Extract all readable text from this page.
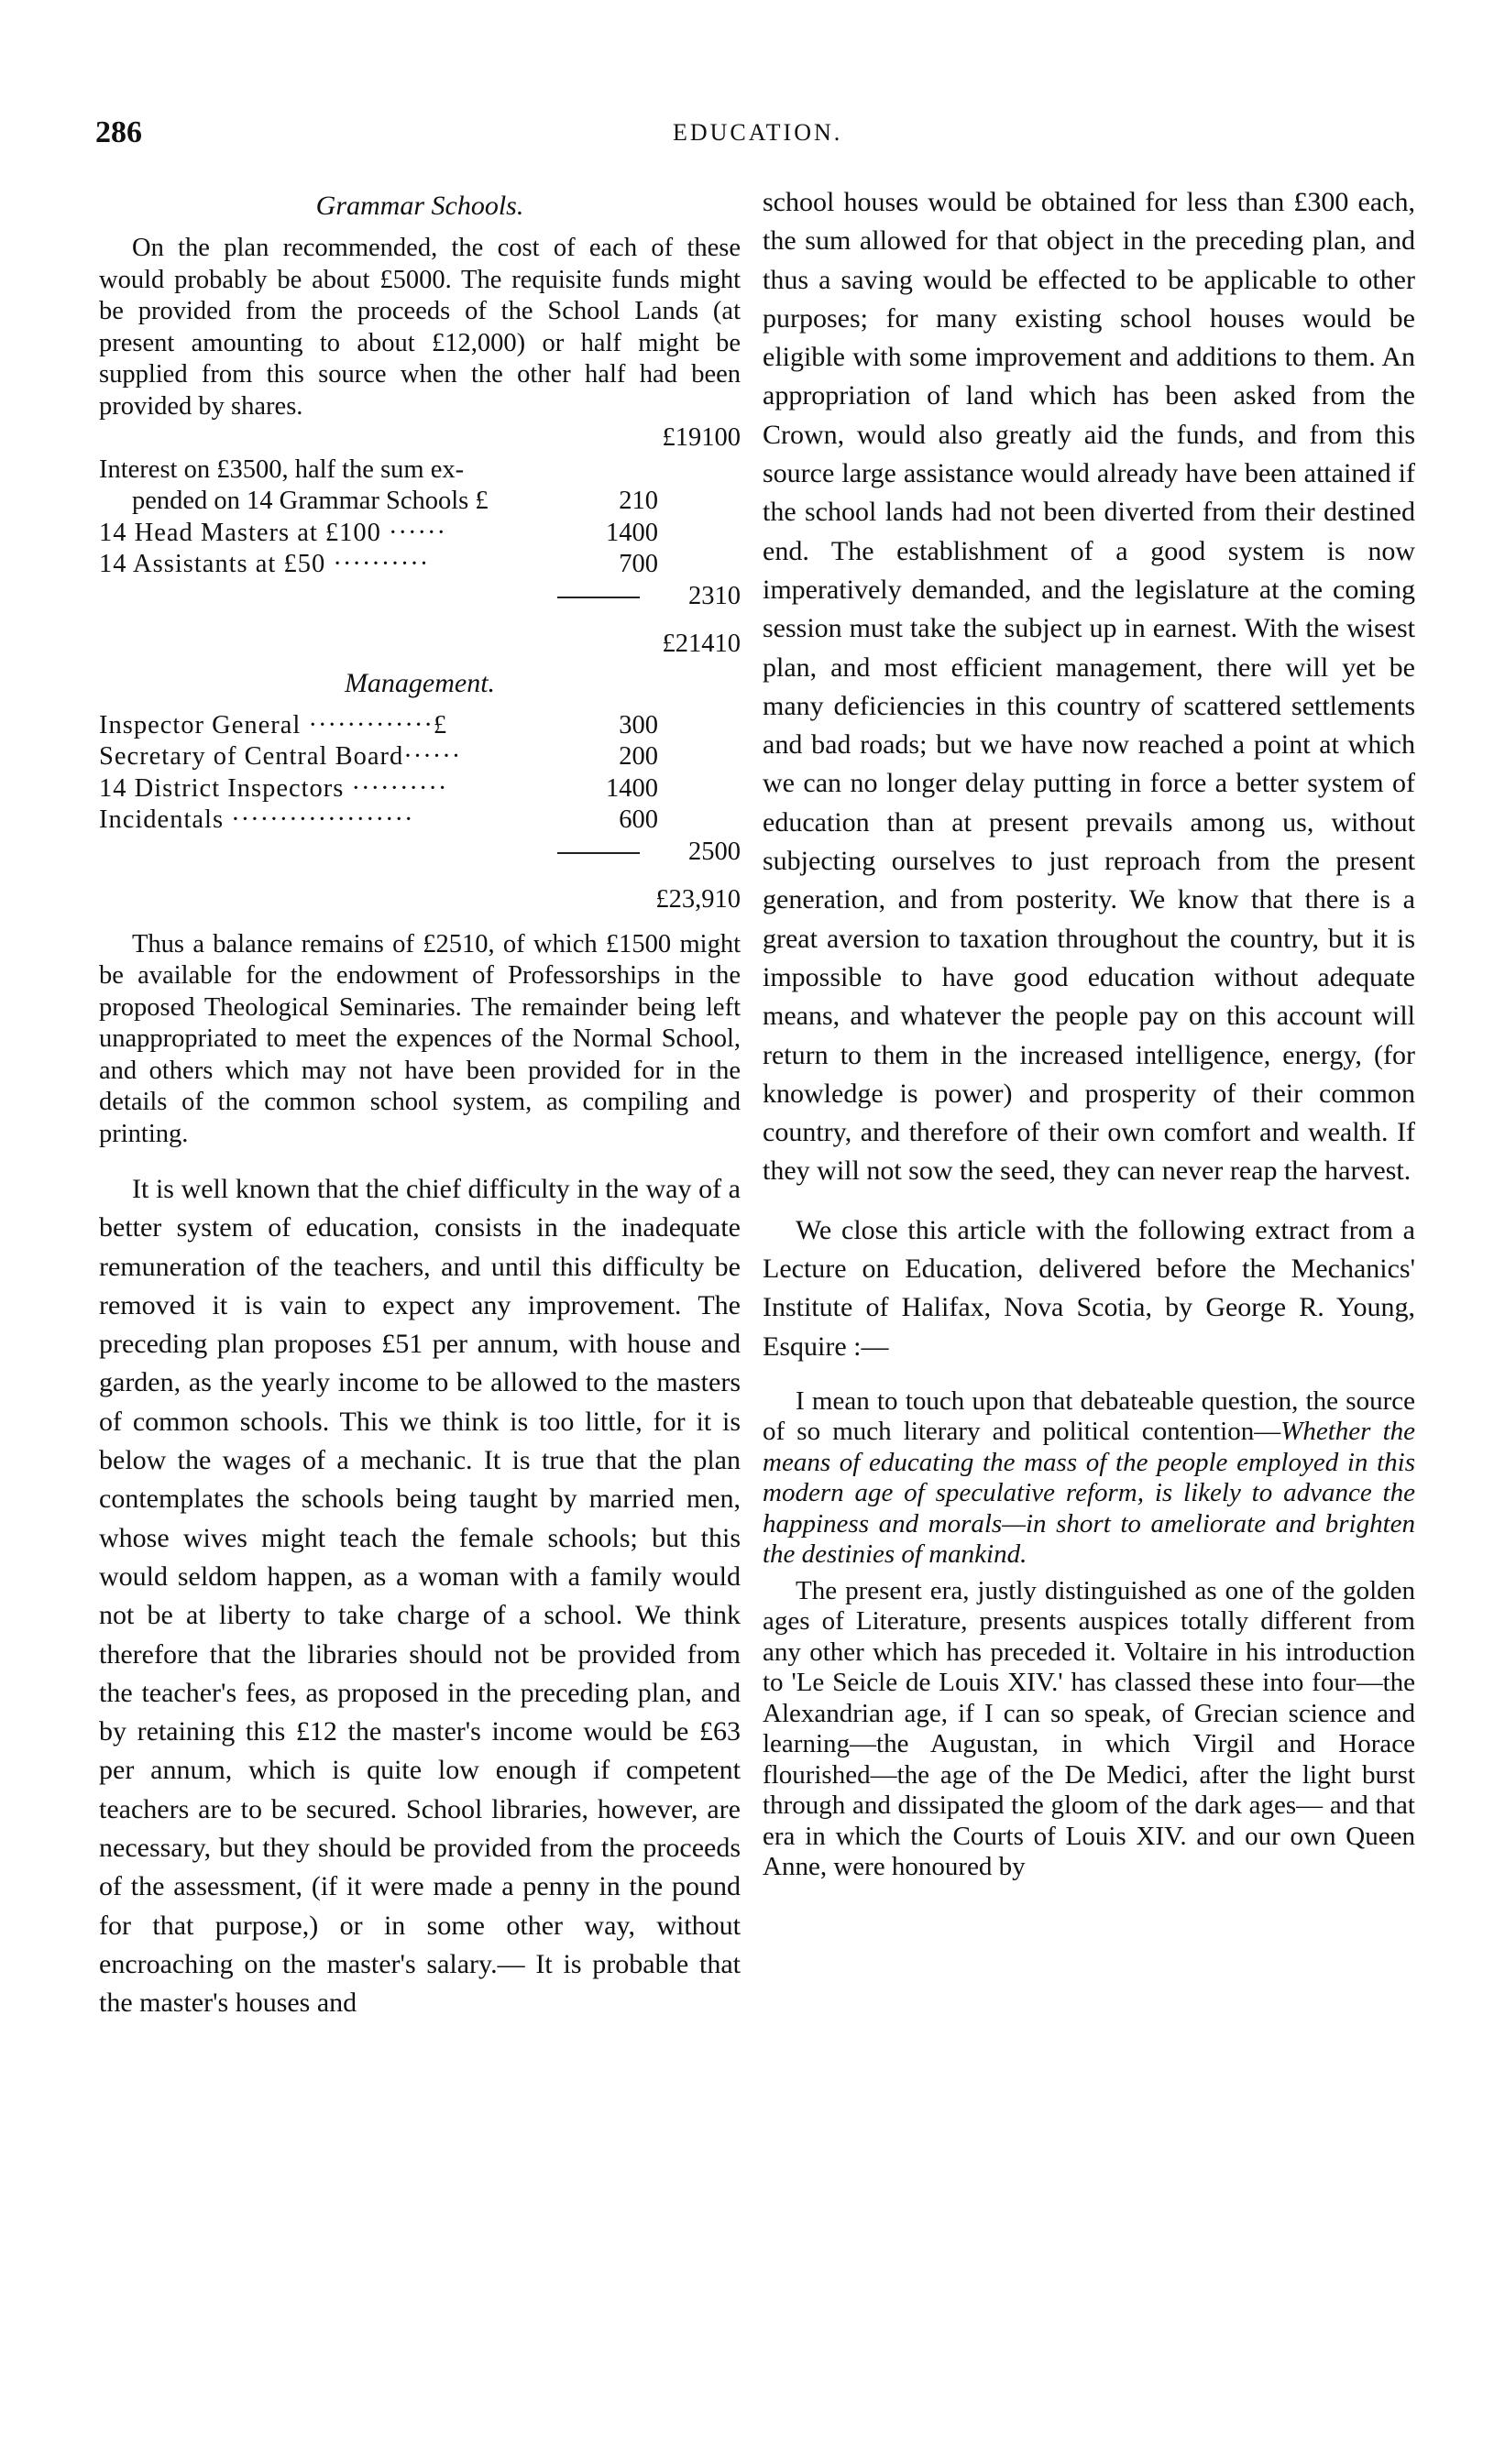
286	EDUCATION.
Grammar Schools.

On the plan recommended, the cost of each of these would probably be about £5000. The requisite funds might be provided from the proceeds of the School Lands (at present amounting to about £12,000) or half might be supplied from this source when the other half had been provided by shares.

£19100
Interest on £3500, half the sum ex-
pended on 14 Grammar Schools £	210
14 Head Masters at £100 ······	1400
14 Assistants at £50 ··········	700
2310
£21410
Management.
Inspector General ·············£	300
Secretary of Central Board······	200
14 District Inspectors ··········	1400
Incidentals ···················	600
2500
£23,910

Thus a balance remains of £2510, of which £1500 might be available for the endowment of Professorships in the proposed Theological Seminaries. The remainder being left unappropriated to meet the expences of the Normal School, and others which may not have been provided for in the details of the common school system, as compiling and printing.

It is well known that the chief difficulty in the way of a better system of education, consists in the inadequate remuneration of the teachers, and until this difficulty be removed it is vain to expect any improvement. The preceding plan proposes £51 per annum, with house and garden, as the yearly income to be allowed to the masters of common schools. This we think is too little, for it is below the wages of a mechanic. It is true that the plan contemplates the schools being taught by married men, whose wives might teach the female schools; but this would seldom happen, as a woman with a family would not be at liberty to take charge of a school. We think therefore that the libraries should not be provided from the teacher's fees, as proposed in the preceding plan, and by retaining this £12 the master's income would be £63 per annum, which is quite low enough if competent teachers are to be secured. School libraries, however, are necessary, but they should be provided from the proceeds of the assessment, (if it were made a penny in the pound for that purpose,) or in some other way, without encroaching on the master's salary.— It is probable that the master's houses and

school houses would be obtained for less than £300 each, the sum allowed for that object in the preceding plan, and thus a saving would be effected to be applicable to other purposes; for many existing school houses would be eligible with some improvement and additions to them. An appropriation of land which has been asked from the Crown, would also greatly aid the funds, and from this source large assistance would already have been attained if the school lands had not been diverted from their destined end. The establishment of a good system is now imperatively demanded, and the legislature at the coming session must take the subject up in earnest. With the wisest plan, and most efficient management, there will yet be many deficiencies in this country of scattered settlements and bad roads; but we have now reached a point at which we can no longer delay putting in force a better system of education than at present prevails among us, without subjecting ourselves to just reproach from the present generation, and from posterity. We know that there is a great aversion to taxation throughout the country, but it is impossible to have good education without adequate means, and whatever the people pay on this account will return to them in the increased intelligence, energy, (for knowledge is power) and prosperity of their common country, and therefore of their own comfort and wealth. If they will not sow the seed, they can never reap the harvest.

We close this article with the following extract from a Lecture on Education, delivered before the Mechanics' Institute of Halifax, Nova Scotia, by George R. Young, Esquire :—

I mean to touch upon that debateable question, the source of so much literary and political contention—Whether the means of educating the mass of the people employed in this modern age of speculative reform, is likely to advance the happiness and morals—in short to ameliorate and brighten the destinies of mankind.

The present era, justly distinguished as one of the golden ages of Literature, presents auspices totally different from any other which has preceded it. Voltaire in his introduction to 'Le Seicle de Louis XIV.' has classed these into four—the Alexandrian age, if I can so speak, of Grecian science and learning—the Augustan, in which Virgil and Horace flourished—the age of the De Medici, after the light burst through and dissipated the gloom of the dark ages— and that era in which the Courts of Louis XIV. and our own Queen Anne, were honoured by
